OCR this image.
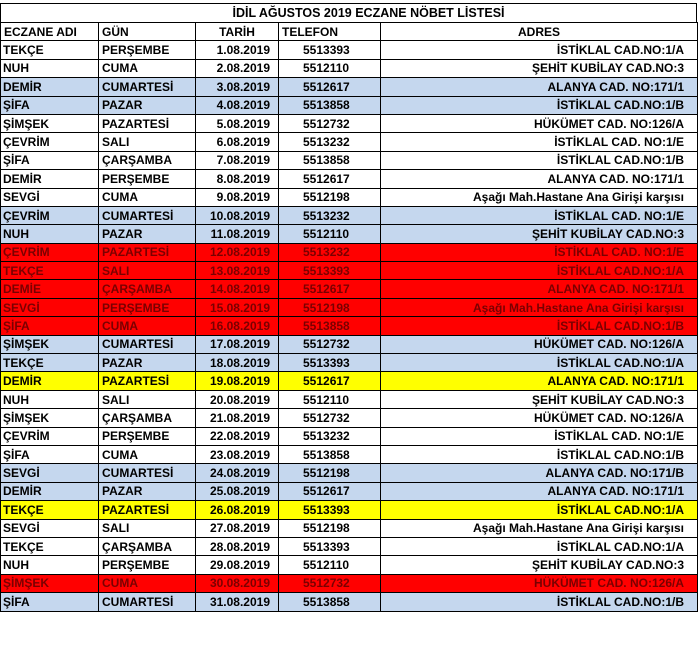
İDİL AĞUSTOS 2019 ECZANE NÖBET LİSTESİ
ECZANE ADI	GÜN	TARİH	TELEFON	ADRES
TEKÇE	PERŞEMBE	1.08.2019	5513393	İSTİKLAL CAD.NO:1/A
NUH	CUMA	2.08.2019	5512110	ŞEHİT KUBİLAY CAD.NO:3
DEMİR	CUMARTESİ	3.08.2019	5512617	ALANYA CAD. NO:171/1
ŞİFA	PAZAR	4.08.2019	5513858	İSTİKLAL CAD.NO:1/B
ŞİMŞEK	PAZARTESİ	5.08.2019	5512732	HÜKÜMET CAD. NO:126/A
ÇEVRİM	SALI	6.08.2019	5513232	İSTİKLAL CAD. NO:1/E
ŞİFA	ÇARŞAMBA	7.08.2019	5513858	İSTİKLAL CAD.NO:1/B
DEMİR	PERŞEMBE	8.08.2019	5512617	ALANYA CAD. NO:171/1
SEVGİ	CUMA	9.08.2019	5512198	Aşağı Mah.Hastane Ana Girişi karşısı
ÇEVRİM	CUMARTESİ	10.08.2019	5513232	İSTİKLAL CAD. NO:1/E
NUH	PAZAR	11.08.2019	5512110	ŞEHİT KUBİLAY CAD.NO:3
ÇEVRİM	PAZARTESİ	12.08.2019	5513232	İSTİKLAL CAD. NO:1/E
TEKÇE	SALI	13.08.2019	5513393	İSTİKLAL CAD.NO:1/A
DEMİE	ÇARŞAMBA	14.08.2019	5512617	ALANYA CAD. NO:171/1
SEVGİ	PERŞEMBE	15.08.2019	5512198	Aşağı Mah.Hastane Ana Girişi karşısı
ŞİFA	CUMA	16.08.2019	5513858	İSTİKLAL CAD.NO:1/B
ŞİMŞEK	CUMARTESİ	17.08.2019	5512732	HÜKÜMET CAD. NO:126/A
TEKÇE	PAZAR	18.08.2019	5513393	İSTİKLAL CAD.NO:1/A
DEMİR	PAZARTESİ	19.08.2019	5512617	ALANYA CAD. NO:171/1
NUH	SALI	20.08.2019	5512110	ŞEHİT KUBİLAY CAD.NO:3
ŞİMŞEK	ÇARŞAMBA	21.08.2019	5512732	HÜKÜMET CAD. NO:126/A
ÇEVRİM	PERŞEMBE	22.08.2019	5513232	İSTİKLAL CAD. NO:1/E
ŞİFA	CUMA	23.08.2019	5513858	İSTİKLAL CAD.NO:1/B
SEVGİ	CUMARTESİ	24.08.2019	5512198	ALANYA CAD. NO:171/B
DEMİR	PAZAR	25.08.2019	5512617	ALANYA CAD. NO:171/1
TEKÇE	PAZARTESİ	26.08.2019	5513393	İSTİKLAL CAD.NO:1/A
SEVGİ	SALI	27.08.2019	5512198	Aşağı Mah.Hastane Ana Girişi karşısı
TEKÇE	ÇARŞAMBA	28.08.2019	5513393	İSTİKLAL CAD.NO:1/A
NUH	PERŞEMBE	29.08.2019	5512110	ŞEHİT KUBİLAY CAD.NO:3
ŞİMŞEK	CUMA	30.08.2019	5512732	HÜKÜMET CAD. NO:126/A
ŞİFA	CUMARTESİ	31.08.2019	5513858	İSTİKLAL CAD.NO:1/B
